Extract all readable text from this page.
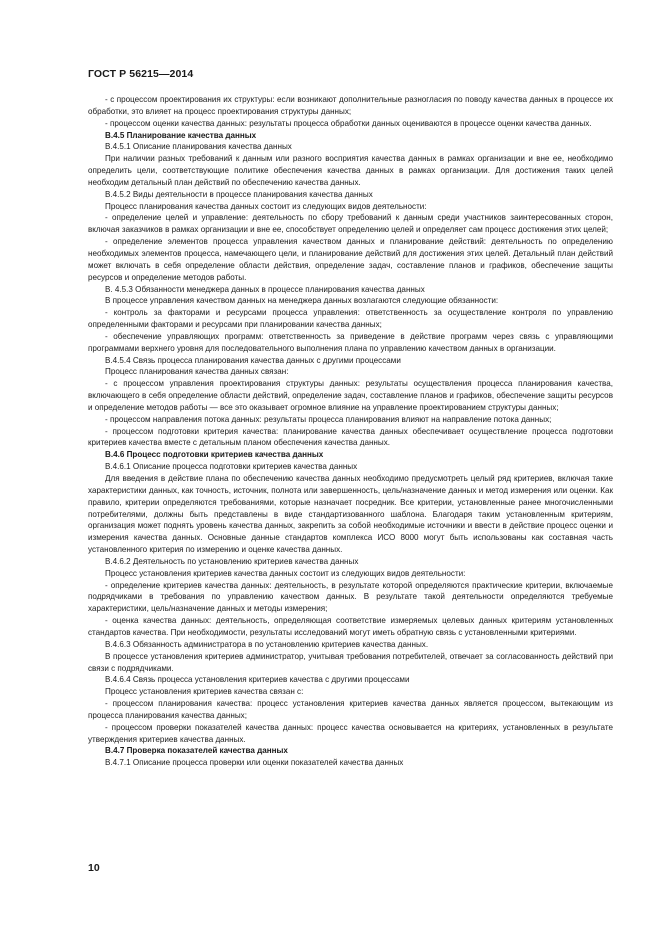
ГОСТ Р 56215—2014

- с процессом проектирования их структуры: если возникают дополнительные разногласия по поводу качества данных в процессе их обработки, это влияет на процесс проектирования структуры данных;

- процессом оценки качества данных: результаты процесса обработки данных оцениваются в процессе оценки качества данных.

В.4.5 Планирование качества данных

В.4.5.1 Описание планирования качества данных

При наличии разных требований к данным или разного восприятия качества данных в рамках организации и вне ее, необходимо определить цели, соответствующие политике обеспечения качества данных в рамках организации. Для достижения таких целей необходим детальный план действий по обеспечению качества данных.

В.4.5.2 Виды деятельности в процессе планирования качества данных

Процесс планирования качества данных состоит из следующих видов деятельности:

- определение целей и управление: деятельность по сбору требований к данным среди участников заинтересованных сторон, включая заказчиков в рамках организации и вне ее, способствует определению целей и определяет сам процесс достижения этих целей;

- определение элементов процесса управления качеством данных и планирование действий: деятельность по определению необходимых элементов процесса, намечающего цели, и планирование действий для достижения этих целей. Детальный план действий может включать в себя определение области действия, определение задач, составление планов и графиков, обеспечение защиты ресурсов и определение методов работы.

В. 4.5.3 Обязанности менеджера данных в процессе планирования качества данных

В процессе управления качеством данных на менеджера данных возлагаются следующие обязанности:

- контроль за факторами и ресурсами процесса управления: ответственность за осуществление контроля по управлению определенными факторами и ресурсами при планировании качества данных;

- обеспечение управляющих программ: ответственность за приведение в действие программ через связь с управляющими программами верхнего уровня для последовательного выполнения плана по управлению качеством данных в организации.

В.4.5.4 Связь процесса планирования качества данных с другими процессами

Процесс планирования качества данных связан:

- с процессом управления проектирования структуры данных: результаты осуществления процесса планирования качества, включающего в себя определение области действий, определение задач, составление планов и графиков, обеспечение защиты ресурсов и определение методов работы — все это оказывает огромное влияние на управление проектированием структуры данных;

- процессом направления потока данных: результаты процесса планирования влияют на направление потока данных;

- процессом подготовки критерия качества: планирование качества данных обеспечивает осуществление процесса подготовки критериев качества вместе с детальным планом обеспечения качества данных.

В.4.6 Процесс подготовки критериев качества данных

В.4.6.1 Описание процесса подготовки критериев качества данных

Для введения в действие плана по обеспечению качества данных необходимо предусмотреть целый ряд критериев, включая такие характеристики данных, как точность, источник, полнота или завершенность, цель/назначение данных и метод измерения или оценки. Как правило, критерии определяются требованиями, которые назначает посредник. Все критерии, установленные ранее многочисленными потребителями, должны быть представлены в виде стандартизованного шаблона. Благодаря таким установленным критериям, организация может поднять уровень качества данных, закрепить за собой необходимые источники и ввести в действие процесс оценки и измерения качества данных. Основные данные стандартов комплекса ИСО 8000 могут быть использованы как составная часть установленного критерия по измерению и оценке качества данных.

В.4.6.2 Деятельность по установлению критериев качества данных

Процесс установления критериев качества данных состоит из следующих видов деятельности:

- определение критериев качества данных: деятельность, в результате которой определяются практические критерии, включаемые подрядчиками в требования по управлению качеством данных. В результате такой деятельности определяются требуемые характеристики, цель/назначение данных и методы измерения;

- оценка качества данных: деятельность, определяющая соответствие измеряемых целевых данных критериям установленных стандартов качества. При необходимости, результаты исследований могут иметь обратную связь с установленными критериями.

В.4.6.3 Обязанность администратора в по установлению критериев качества данных.

В процессе установления критериев администратор, учитывая требования потребителей, отвечает за согласованность действий при связи с подрядчиками.

В.4.6.4 Связь процесса установления критериев качества с другими процессами

Процесс установления критериев качества связан с:

- процессом планирования качества: процесс установления критериев качества данных является процессом, вытекающим из процесса планирования качества данных;

- процессом проверки показателей качества данных: процесс качества основывается на критериях, установленных в результате утверждения критериев качества данных.

В.4.7 Проверка показателей качества данных

В.4.7.1 Описание процесса проверки или оценки показателей качества данных

10
